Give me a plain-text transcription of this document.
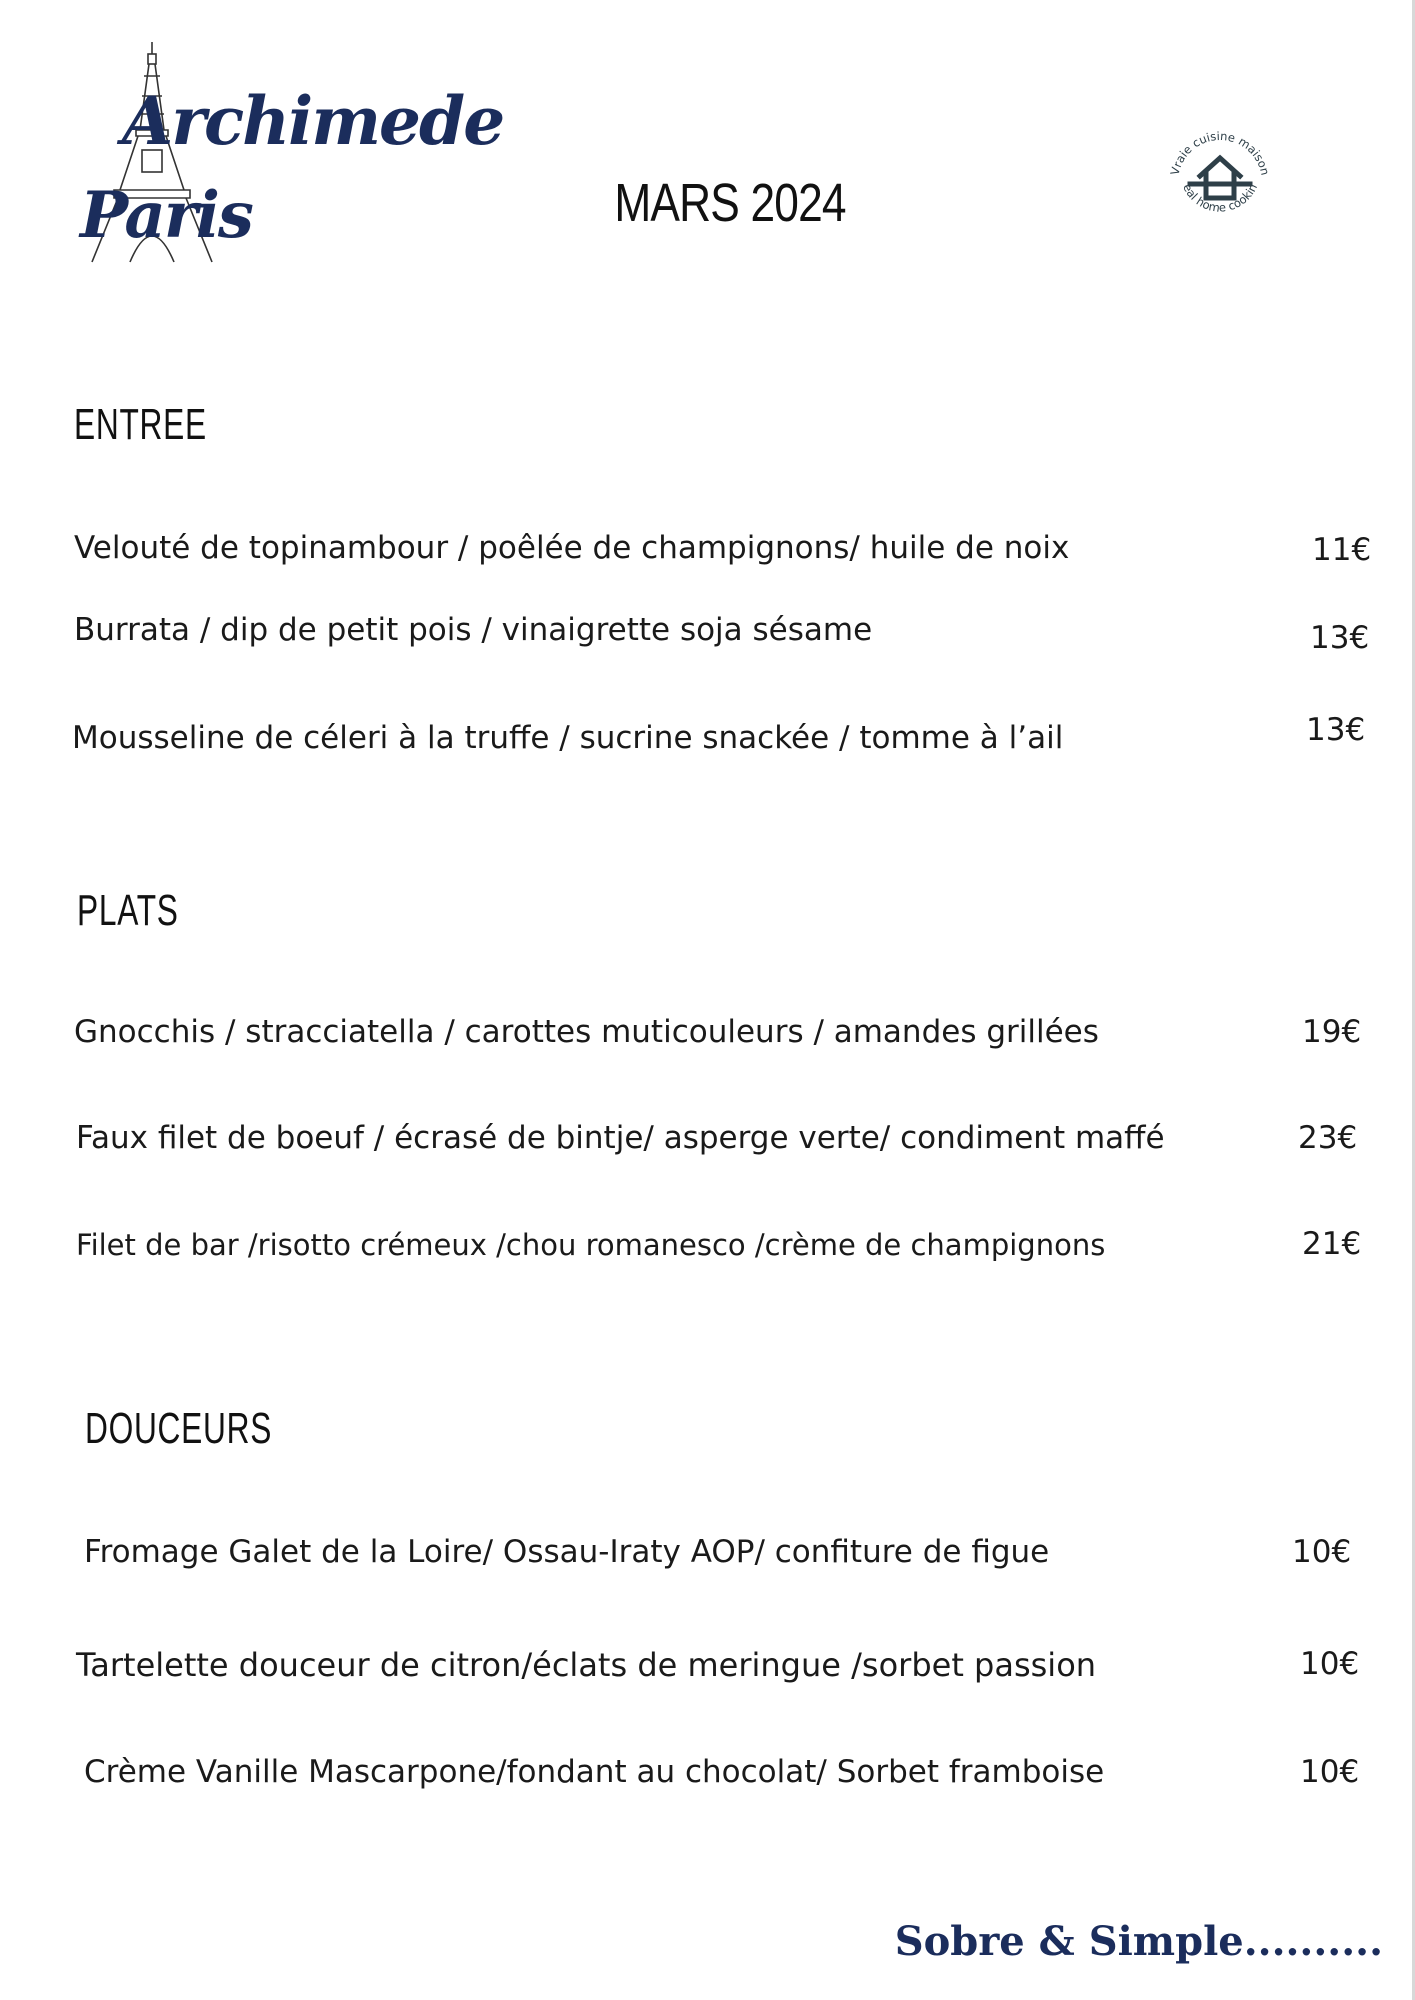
Archimede
Paris	MARS 2024
Vraie cuisine maison
eal home cookin
ENTREE
Velouté de topinambour / poêlée de champignons/ huile de noix	11€
Burrata / dip de petit pois / vinaigrette soja sésame	13€
Mousseline de céleri à la truffe / sucrine snackée / tomme à l’ail	13€
PLATS
Gnocchis / stracciatella / carottes muticouleurs / amandes grillées	19€
Faux filet de boeuf / écrasé de bintje/ asperge verte/ condiment maffé	23€
Filet de bar /risotto crémeux /chou romanesco /crème de champignons	21€
DOUCEURS
Fromage Galet de la Loire/ Ossau-Iraty AOP/ confiture de figue	10€
Tartelette douceur de citron/éclats de meringue /sorbet passion	10€
Crème Vanille Mascarpone/fondant au chocolat/ Sorbet framboise	10€
Sobre & Simple..........
